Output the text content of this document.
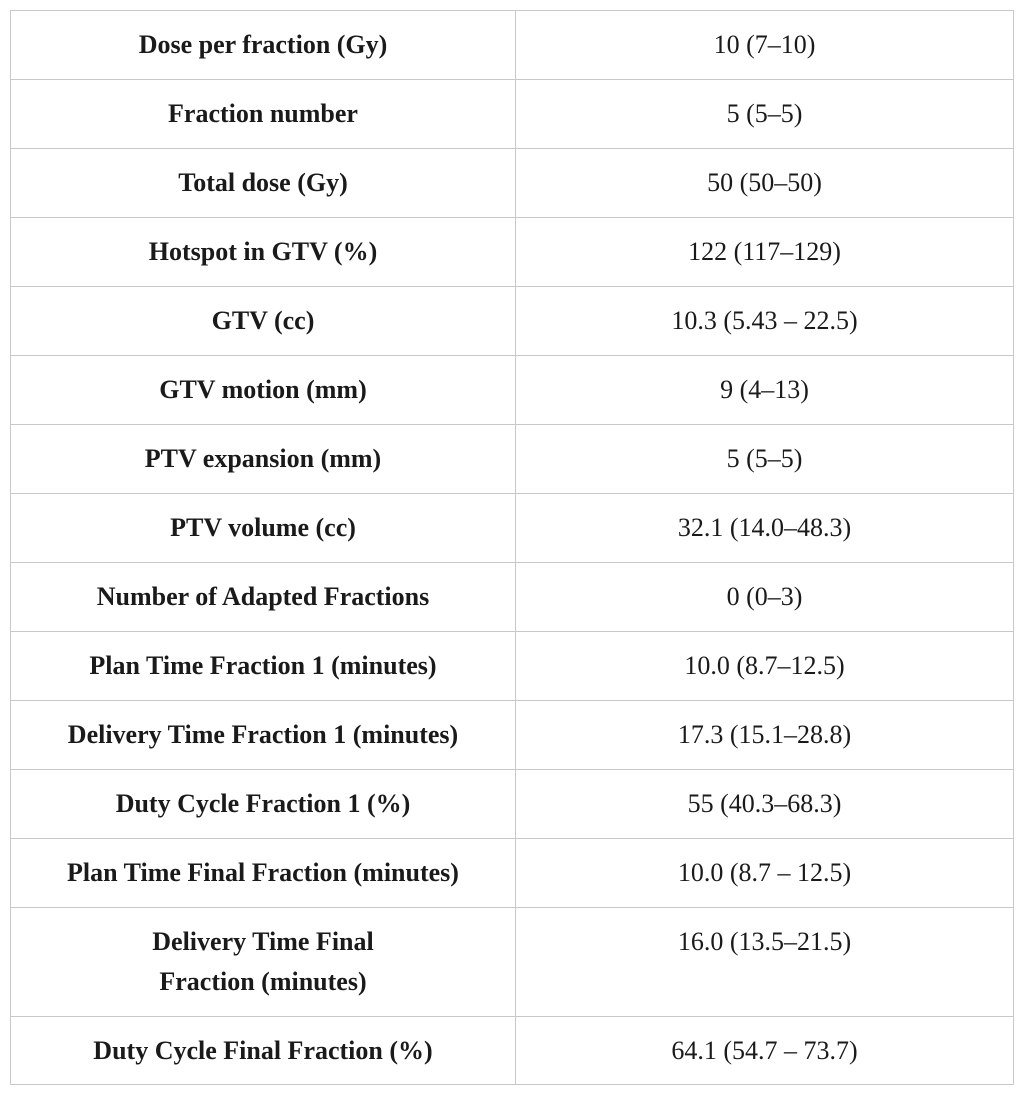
Dose per fraction (Gy)	10 (7–10)
Fraction number	5 (5–5)
Total dose (Gy)	50 (50–50)
Hotspot in GTV (%)	122 (117–129)
GTV (cc)	10.3 (5.43 – 22.5)
GTV motion (mm)	9 (4–13)
PTV expansion (mm)	5 (5–5)
PTV volume (cc)	32.1 (14.0–48.3)
Number of Adapted Fractions	0 (0–3)
Plan Time Fraction 1 (minutes)	10.0 (8.7–12.5)
Delivery Time Fraction 1 (minutes)	17.3 (15.1–28.8)
Duty Cycle Fraction 1 (%)	55 (40.3–68.3)
Plan Time Final Fraction (minutes)	10.0 (8.7 – 12.5)
Delivery Time Final
Fraction (minutes)	16.0 (13.5–21.5)
Duty Cycle Final Fraction (%)	64.1 (54.7 – 73.7)
